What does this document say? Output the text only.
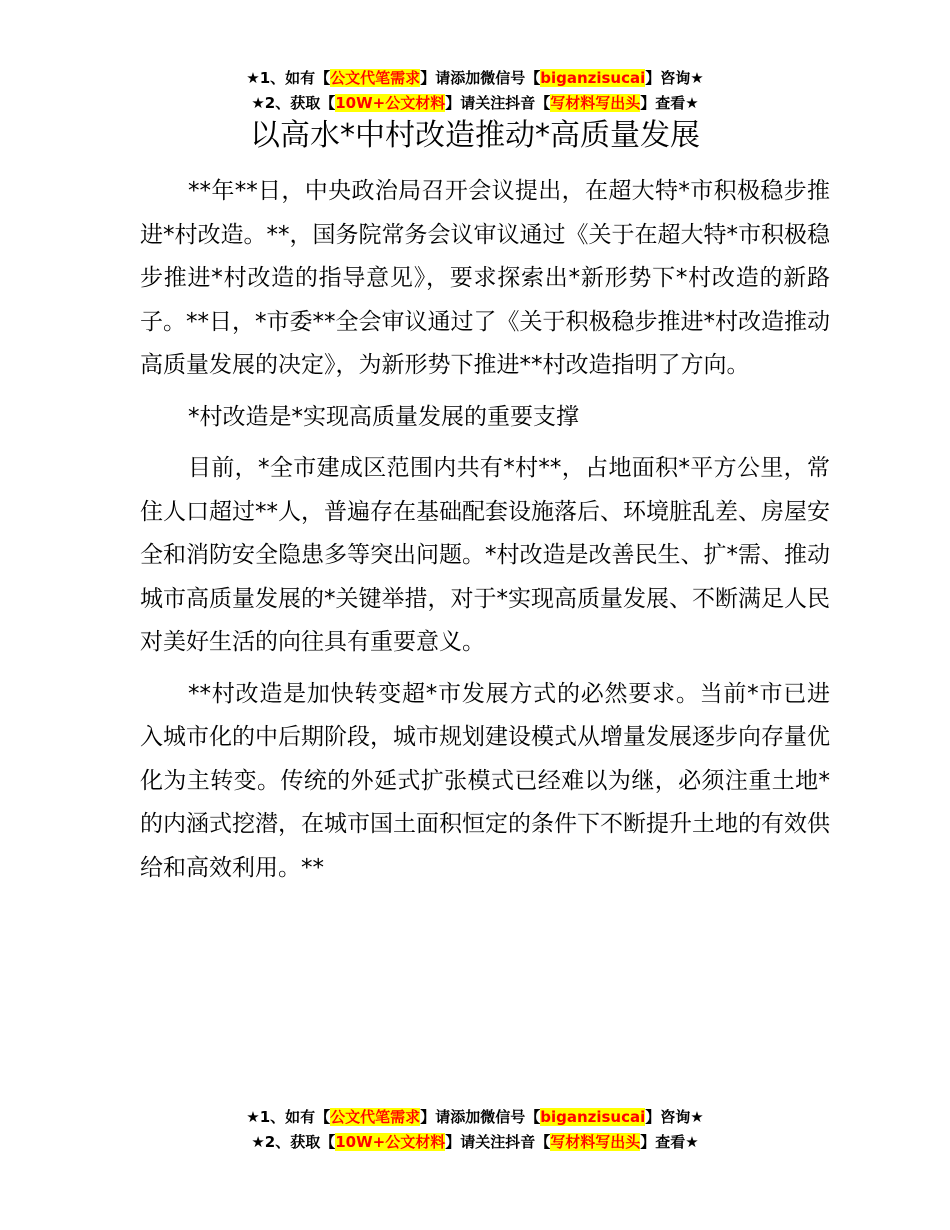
★1、如有【公文代笔需求】请添加微信号【biganzisucai】咨询★
★2、获取【10W+公文材料】请关注抖音【写材料写出头】查看★
以高水*中村改造推动*高质量发展

**年**日，中央政治局召开会议提出，在超大特*市积极稳步推进*村改造。**，国务院常务会议审议通过《关于在超大特*市积极稳步推进*村改造的指导意见》，要求探索出*新形势下*村改造的新路子。**日，*市委**全会审议通过了《关于积极稳步推进*村改造推动高质量发展的决定》，为新形势下推进**村改造指明了方向。

*村改造是*实现高质量发展的重要支撑

目前，*全市建成区范围内共有*村**，占地面积*平方公里，常住人口超过**人，普遍存在基础配套设施落后、环境脏乱差、房屋安全和消防安全隐患多等突出问题。*村改造是改善民生、扩*需、推动城市高质量发展的*关键举措，对于*实现高质量发展、不断满足人民对美好生活的向往具有重要意义。

**村改造是加快转变超*市发展方式的必然要求。当前*市已进入城市化的中后期阶段，城市规划建设模式从增量发展逐步向存量优化为主转变。传统的外延式扩张模式已经难以为继，必须注重土地*的内涵式挖潜，在城市国土面积恒定的条件下不断提升土地的有效供给和高效利用。**

★1、如有【公文代笔需求】请添加微信号【biganzisucai】咨询★
★2、获取【10W+公文材料】请关注抖音【写材料写出头】查看★
